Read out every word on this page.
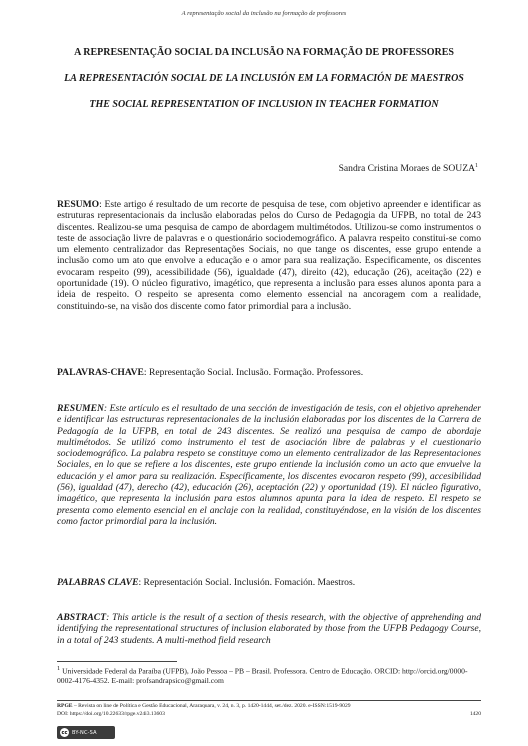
A representação social da inclusão na formação de professores

A REPRESENTAÇÃO SOCIAL DA INCLUSÃO NA FORMAÇÃO DE PROFESSORES

LA REPRESENTACIÓN SOCIAL DE LA INCLUSIÓN EM LA FORMACIÓN DE MAESTROS

THE SOCIAL REPRESENTATION OF INCLUSION IN TEACHER FORMATION

Sandra Cristina Moraes de SOUZA$^1$

RESUMO: Este artigo é resultado de um recorte de pesquisa de tese, com objetivo apreender e identificar as estruturas representacionais da inclusão elaboradas pelos do Curso de Pedagogia da UFPB, no total de 243 discentes. Realizou-se uma pesquisa de campo de abordagem multimétodos. Utilizou-se como instrumentos o teste de associação livre de palavras e o questionário sociodemográfico. A palavra respeito constitui-se como um elemento centralizador das Representações Sociais, no que tange os discentes, esse grupo entende a inclusão como um ato que envolve a educação e o amor para sua realização. Especificamente, os discentes evocaram respeito (99), acessibilidade (56), igualdade (47), direito (42), educação (26), aceitação (22) e oportunidade (19). O núcleo figurativo, imagético, que representa a inclusão para esses alunos aponta para a ideia de respeito. O respeito se apresenta como elemento essencial na ancoragem com a realidade, constituindo-se, na visão dos discente como fator primordial para a inclusão.

PALAVRAS-CHAVE: Representação Social. Inclusão. Formação. Professores.

RESUMEN: Este artículo es el resultado de una sección de investigación de tesis, con el objetivo aprehender e identificar las estructuras representacionales de la inclusión elaboradas por los discentes de la Carrera de Pedagogía de la UFPB, en total de 243 discentes. Se realizó una pesquisa de campo de abordaje multimétodos. Se utilizó como instrumento el test de asociación libre de palabras y el cuestionario sociodemográfico. La palabra respeto se constituye como un elemento centralizador de las Representaciones Sociales, en lo que se refiere a los discentes, este grupo entiende la inclusión como un acto que envuelve la educación y el amor para su realización. Específicamente, los discentes evocaron respeto (99), accesibilidad (56), igualdad (47), derecho (42), educación (26), aceptación (22) y oportunidad (19). El núcleo figurativo, imagético, que representa la inclusión para estos alumnos apunta para la idea de respeto. El respeto se presenta como elemento esencial en el anclaje con la realidad, constituyéndose, en la visión de los discentes como factor primordial para la inclusión.

PALABRAS CLAVE: Representación Social. Inclusión. Fomación. Maestros.

ABSTRACT: This article is the result of a section of thesis research, with the objective of apprehending and identifying the representational structures of inclusion elaborated by those from the UFPB Pedagogy Course, in a total of 243 students. A multi-method field research

$^1$ Universidade Federal da Paraíba (UFPB), João Pessoa – PB – Brasil. Professora. Centro de Educação. ORCID: http://orcid.org/0000-0002-4176-4352. E-mail: profsandrapsico@gmail.com
RPGE – Revista on line de Política e Gestão Educacional, Araraquara, v. 24, n. 3, p. 1420-1444, set./dez. 2020. e-ISSN:1519-9029
DOI: https://doi.org/10.22633/rpge.v24i3.13603	1420
cc BY-NC-SA
